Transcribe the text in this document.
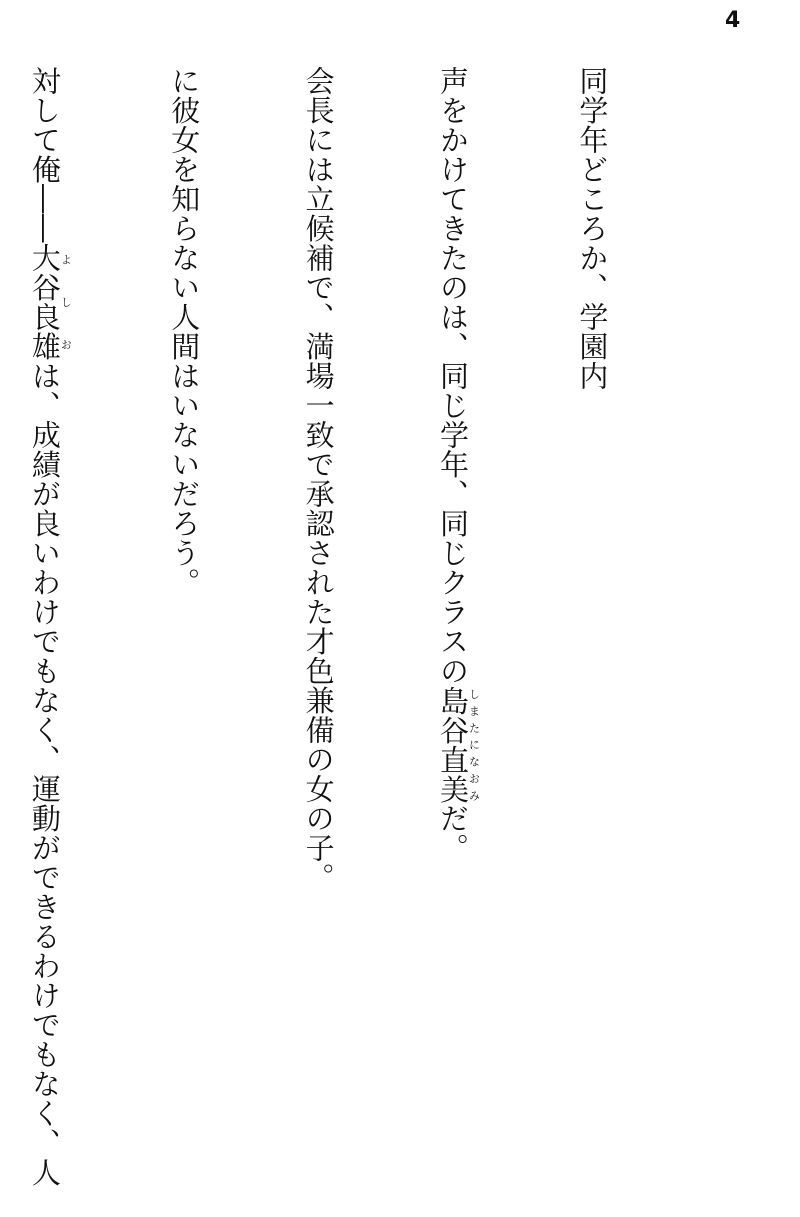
4

同学年どころか、学園内

声をかけてきたのは、同じ学年、同じクラスの島谷直美しまたになおみだ。

会長には立候補で、満場一致で承認された才色兼備の女の子。

に彼女を知らない人間はいないだろう。

対して俺――大谷良雄よしおは、成績が良いわけでもなく、運動ができるわけでもなく、人
